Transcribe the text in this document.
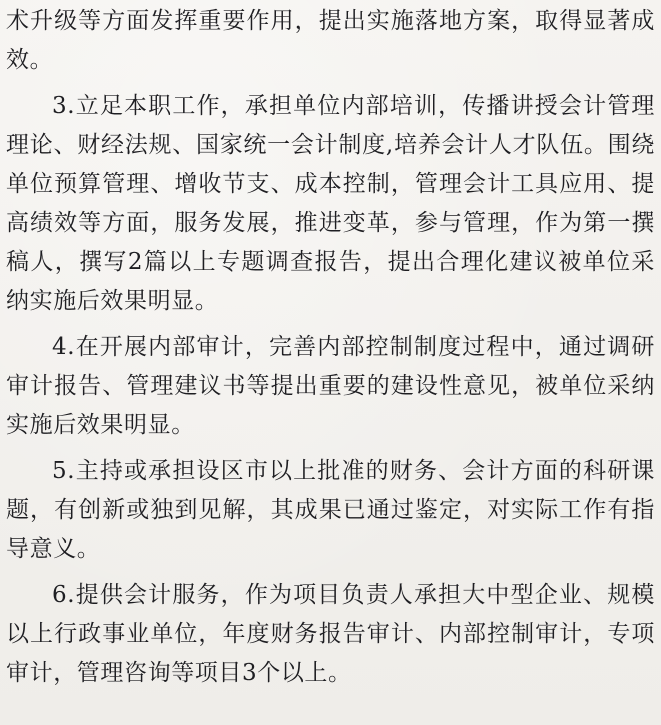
术升级等方面发挥重要作用，提出实施落地方案，取得显著成效。

3.立足本职工作，承担单位内部培训，传播讲授会计管理理论、财经法规、国家统一会计制度,培养会计人才队伍。围绕单位预算管理、增收节支、成本控制，管理会计工具应用、提高绩效等方面，服务发展，推进变革，参与管理，作为第一撰稿人，撰写2篇以上专题调查报告，提出合理化建议被单位采纳实施后效果明显。

4.在开展内部审计，完善内部控制制度过程中，通过调研审计报告、管理建议书等提出重要的建设性意见，被单位采纳实施后效果明显。

5.主持或承担设区市以上批准的财务、会计方面的科研课题，有创新或独到见解，其成果已通过鉴定，对实际工作有指导意义。

6.提供会计服务，作为项目负责人承担大中型企业、规模以上行政事业单位，年度财务报告审计、内部控制审计，专项审计，管理咨询等项目3个以上。
